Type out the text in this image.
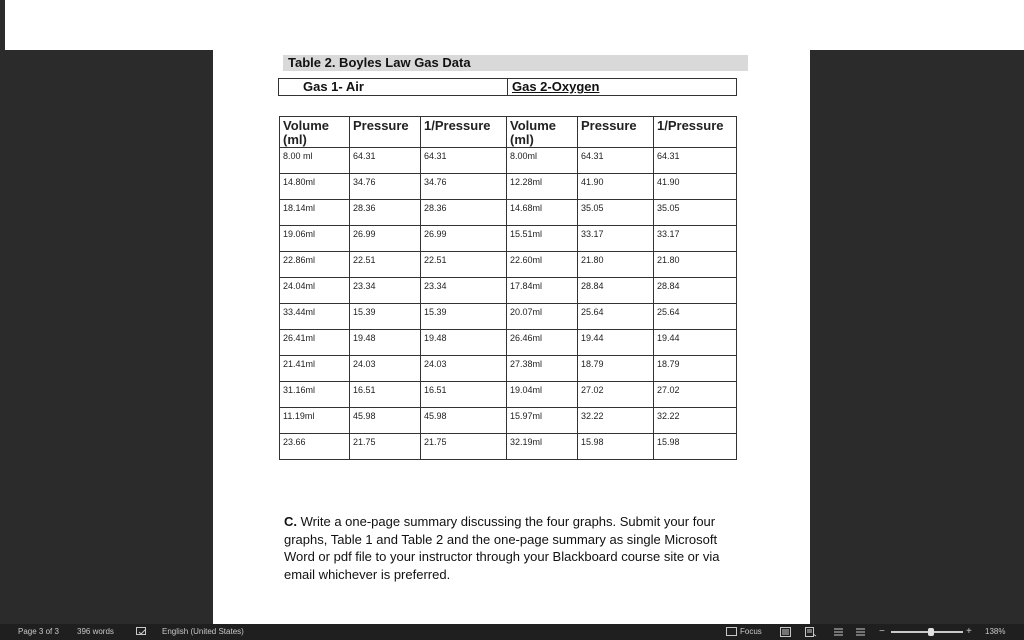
Table 2. Boyles Law Gas Data
Gas 1- Air	Gas 2-Oxygen
Volume (ml)	Pressure	1/Pressure	Volume (ml)	Pressure	1/Pressure
8.00 ml	64.31	64.31	8.00ml	64.31	64.31
14.80ml	34.76	34.76	12.28ml	41.90	41.90
18.14ml	28.36	28.36	14.68ml	35.05	35.05
19.06ml	26.99	26.99	15.51ml	33.17	33.17
22.86ml	22.51	22.51	22.60ml	21.80	21.80
24.04ml	23.34	23.34	17.84ml	28.84	28.84
33.44ml	15.39	15.39	20.07ml	25.64	25.64
26.41ml	19.48	19.48	26.46ml	19.44	19.44
21.41ml	24.03	24.03	27.38ml	18.79	18.79
31.16ml	16.51	16.51	19.04ml	27.02	27.02
11.19ml	45.98	45.98	15.97ml	32.22	32.22
23.66	21.75	21.75	32.19ml	15.98	15.98
C. Write a one-page summary discussing the four graphs. Submit your four graphs, Table 1 and Table 2 and the one-page summary as single Microsoft Word or pdf file to your instructor through your Blackboard course site or via email whichever is preferred.
Page 3 of 3 396 words	English (United States)	Focus	−	+ 138%
